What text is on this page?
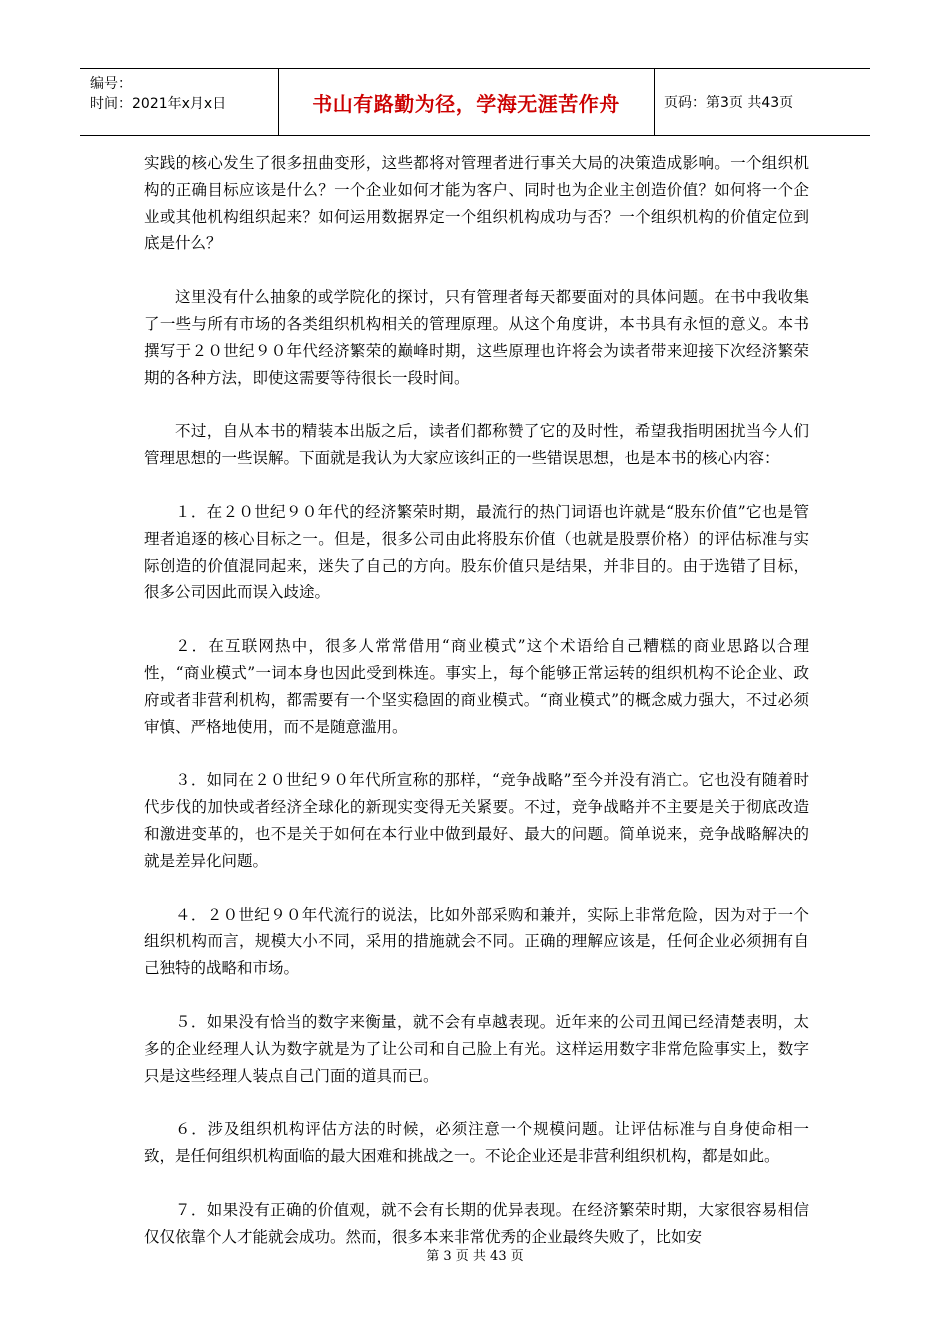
编号：
时间：2021年x月x日	书山有路勤为径，学海无涯苦作舟	页码：第3页 共43页

实践的核心发生了很多扭曲变形，这些都将对管理者进行事关大局的决策造成影响。一个组织机构的正确目标应该是什么？一个企业如何才能为客户、同时也为企业主创造价值？如何将一个企业或其他机构组织起来？如何运用数据界定一个组织机构成功与否？一个组织机构的价值定位到底是什么？

这里没有什么抽象的或学院化的探讨，只有管理者每天都要面对的具体问题。在书中我收集了一些与所有市场的各类组织机构相关的管理原理。从这个角度讲，本书具有永恒的意义。本书撰写于２０世纪９０年代经济繁荣的巅峰时期，这些原理也许将会为读者带来迎接下次经济繁荣期的各种方法，即使这需要等待很长一段时间。

不过，自从本书的精装本出版之后，读者们都称赞了它的及时性，希望我指明困扰当今人们管理思想的一些误解。下面就是我认为大家应该纠正的一些错误思想，也是本书的核心内容：

１．在２０世纪９０年代的经济繁荣时期，最流行的热门词语也许就是“股东价值”它也是管理者追逐的核心目标之一。但是，很多公司由此将股东价值（也就是股票价格）的评估标准与实际创造的价值混同起来，迷失了自己的方向。股东价值只是结果，并非目的。由于选错了目标，很多公司因此而误入歧途。

２．在互联网热中，很多人常常借用“商业模式”这个术语给自己糟糕的商业思路以合理性，“商业模式”一词本身也因此受到株连。事实上，每个能够正常运转的组织机构不论企业、政府或者非营利机构，都需要有一个坚实稳固的商业模式。“商业模式”的概念威力强大，不过必须审慎、严格地使用，而不是随意滥用。

３．如同在２０世纪９０年代所宣称的那样，“竞争战略”至今并没有消亡。它也没有随着时代步伐的加快或者经济全球化的新现实变得无关紧要。不过，竞争战略并不主要是关于彻底改造和激进变革的，也不是关于如何在本行业中做到最好、最大的问题。简单说来，竞争战略解决的就是差异化问题。

４．２０世纪９０年代流行的说法，比如外部采购和兼并，实际上非常危险，因为对于一个组织机构而言，规模大小不同，采用的措施就会不同。正确的理解应该是，任何企业必须拥有自己独特的战略和市场。

５．如果没有恰当的数字来衡量，就不会有卓越表现。近年来的公司丑闻已经清楚表明，太多的企业经理人认为数字就是为了让公司和自己脸上有光。这样运用数字非常危险事实上，数字只是这些经理人装点自己门面的道具而已。

６．涉及组织机构评估方法的时候，必须注意一个规模问题。让评估标准与自身使命相一致，是任何组织机构面临的最大困难和挑战之一。不论企业还是非营利组织机构，都是如此。

７．如果没有正确的价值观，就不会有长期的优异表现。在经济繁荣时期，大家很容易相信仅仅依靠个人才能就会成功。然而，很多本来非常优秀的企业最终失败了，比如安

第 3 页 共 43 页
